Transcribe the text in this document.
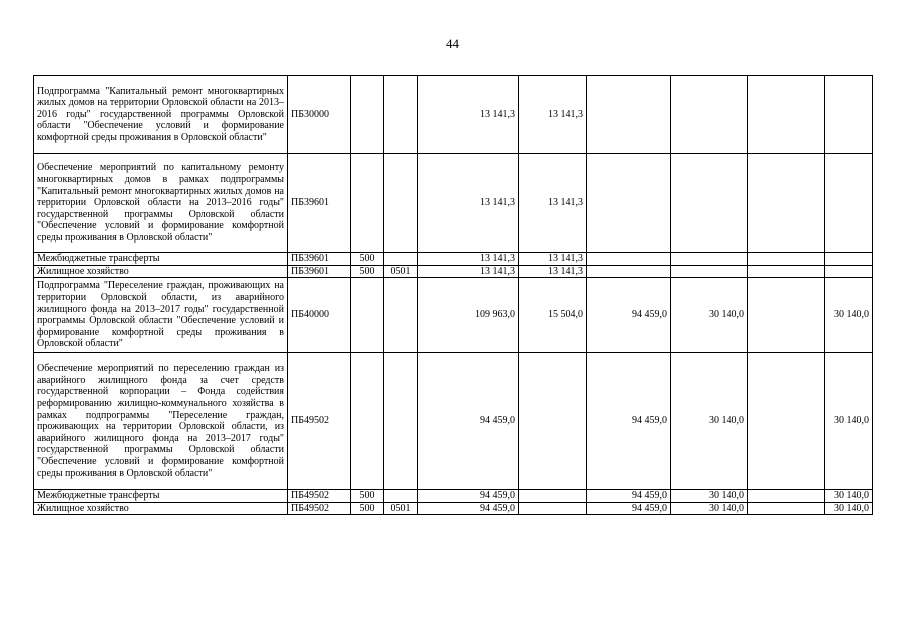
44
Подпрограмма "Капитальный ремонт многоквартирных жилых домов на территории Орловской области на 2013–2016 годы" государственной программы Орловской области "Обеспечение условий и формирование комфортной среды проживания в Орловской области"	ПБ30000			13 141,3	13 141,3				
Обеспечение мероприятий по капитальному ремонту многоквартирных домов в рамках подпрограммы "Капитальный ремонт многоквартирных жилых домов на территории Орловской области на 2013–2016 годы" государственной программы Орловской области "Обеспечение условий и формирование комфортной среды проживания в Орловской области"	ПБ39601			13 141,3	13 141,3				
Межбюджетные трансферты	ПБ39601	500		13 141,3	13 141,3				
Жилищное хозяйство	ПБ39601	500	0501	13 141,3	13 141,3				
Подпрограмма "Переселение граждан, проживающих на территории Орловской области, из аварийного жилищного фонда на 2013–2017 годы" государственной программы Орловской области "Обеспечение условий и формирование комфортной среды проживания в Орловской области"	ПБ40000			109 963,0	15 504,0	94 459,0	30 140,0		30 140,0
Обеспечение мероприятий по переселению граждан из аварийного жилищного фонда за счет средств государственной корпорации – Фонда содействия реформированию жилищно-коммунального хозяйства в рамках подпрограммы "Переселение граждан, проживающих на территории Орловской области, из аварийного жилищного фонда на 2013–2017 годы" государственной программы Орловской области "Обеспечение условий и формирование комфортной среды проживания в Орловской области"	ПБ49502			94 459,0		94 459,0	30 140,0		30 140,0
Межбюджетные трансферты	ПБ49502	500		94 459,0		94 459,0	30 140,0		30 140,0
Жилищное хозяйство	ПБ49502	500	0501	94 459,0		94 459,0	30 140,0		30 140,0
